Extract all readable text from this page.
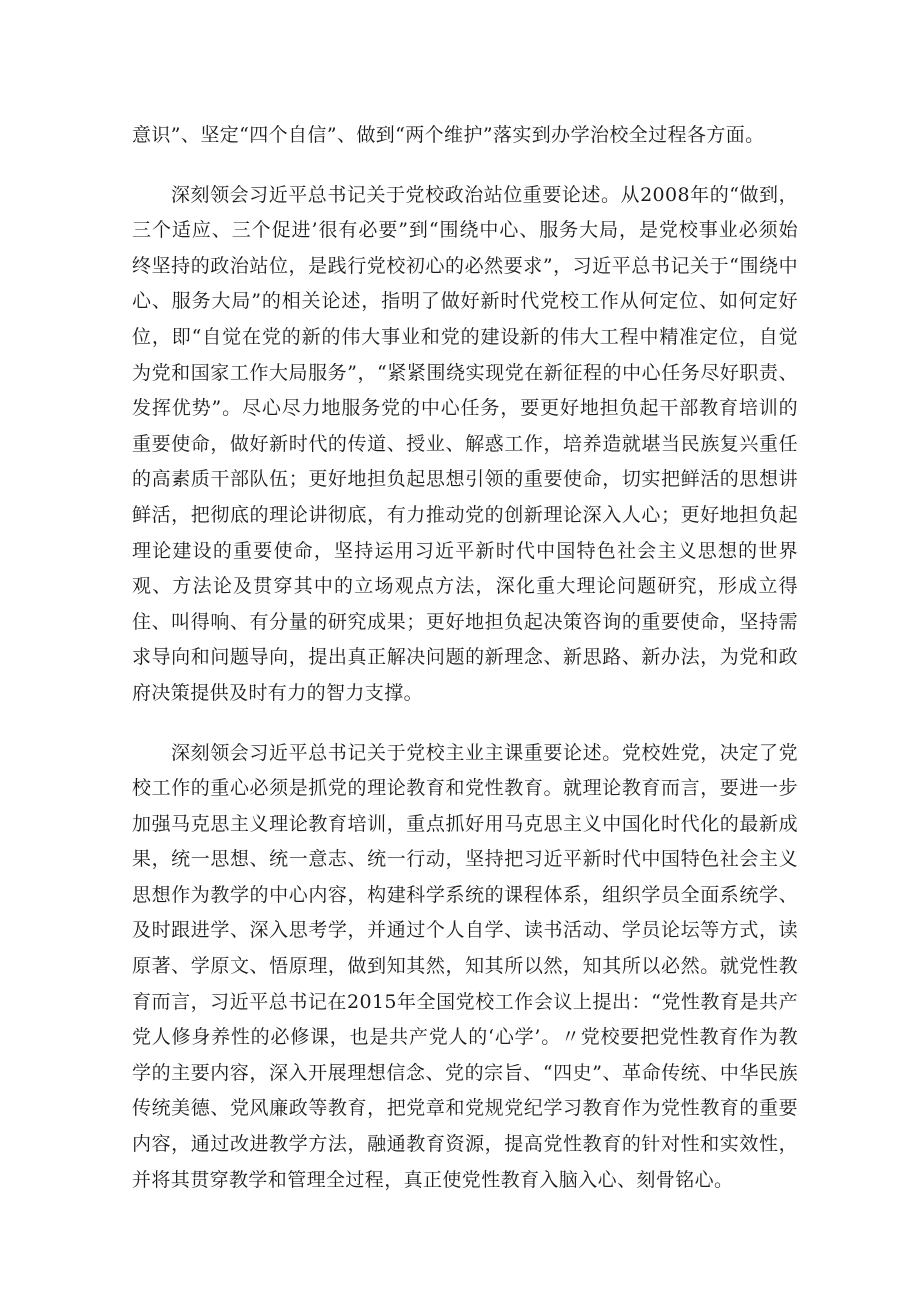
意识”、坚定“四个自信”、做到“两个维护”落实到办学治校全过程各方面。

深刻领会习近平总书记关于党校政治站位重要论述。从2008年的“做到，三个适应、三个促进’很有必要”到“围绕中心、服务大局，是党校事业必须始终坚持的政治站位，是践行党校初心的必然要求”，习近平总书记关于“围绕中心、服务大局”的相关论述，指明了做好新时代党校工作从何定位、如何定好位，即“自觉在党的新的伟大事业和党的建设新的伟大工程中精准定位，自觉为党和国家工作大局服务”，“紧紧围绕实现党在新征程的中心任务尽好职责、发挥优势”。尽心尽力地服务党的中心任务，要更好地担负起干部教育培训的重要使命，做好新时代的传道、授业、解惑工作，培养造就堪当民族复兴重任的高素质干部队伍；更好地担负起思想引领的重要使命，切实把鲜活的思想讲鲜活，把彻底的理论讲彻底，有力推动党的创新理论深入人心；更好地担负起理论建设的重要使命，坚持运用习近平新时代中国特色社会主义思想的世界观、方法论及贯穿其中的立场观点方法，深化重大理论问题研究，形成立得住、叫得响、有分量的研究成果；更好地担负起决策咨询的重要使命，坚持需求导向和问题导向，提出真正解决问题的新理念、新思路、新办法，为党和政府决策提供及时有力的智力支撑。

深刻领会习近平总书记关于党校主业主课重要论述。党校姓党，决定了党校工作的重心必须是抓党的理论教育和党性教育。就理论教育而言，要进一步加强马克思主义理论教育培训，重点抓好用马克思主义中国化时代化的最新成果，统一思想、统一意志、统一行动，坚持把习近平新时代中国特色社会主义思想作为教学的中心内容，构建科学系统的课程体系，组织学员全面系统学、及时跟进学、深入思考学，并通过个人自学、读书活动、学员论坛等方式，读原著、学原文、悟原理，做到知其然，知其所以然，知其所以必然。就党性教育而言，习近平总书记在2015年全国党校工作会议上提出：“党性教育是共产党人修身养性的必修课，也是共产党人的‘心学’。〃党校要把党性教育作为教学的主要内容，深入开展理想信念、党的宗旨、“四史”、革命传统、中华民族传统美德、党风廉政等教育，把党章和党规党纪学习教育作为党性教育的重要内容，通过改进教学方法，融通教育资源，提高党性教育的针对性和实效性，并将其贯穿教学和管理全过程，真正使党性教育入脑入心、刻骨铭心。
